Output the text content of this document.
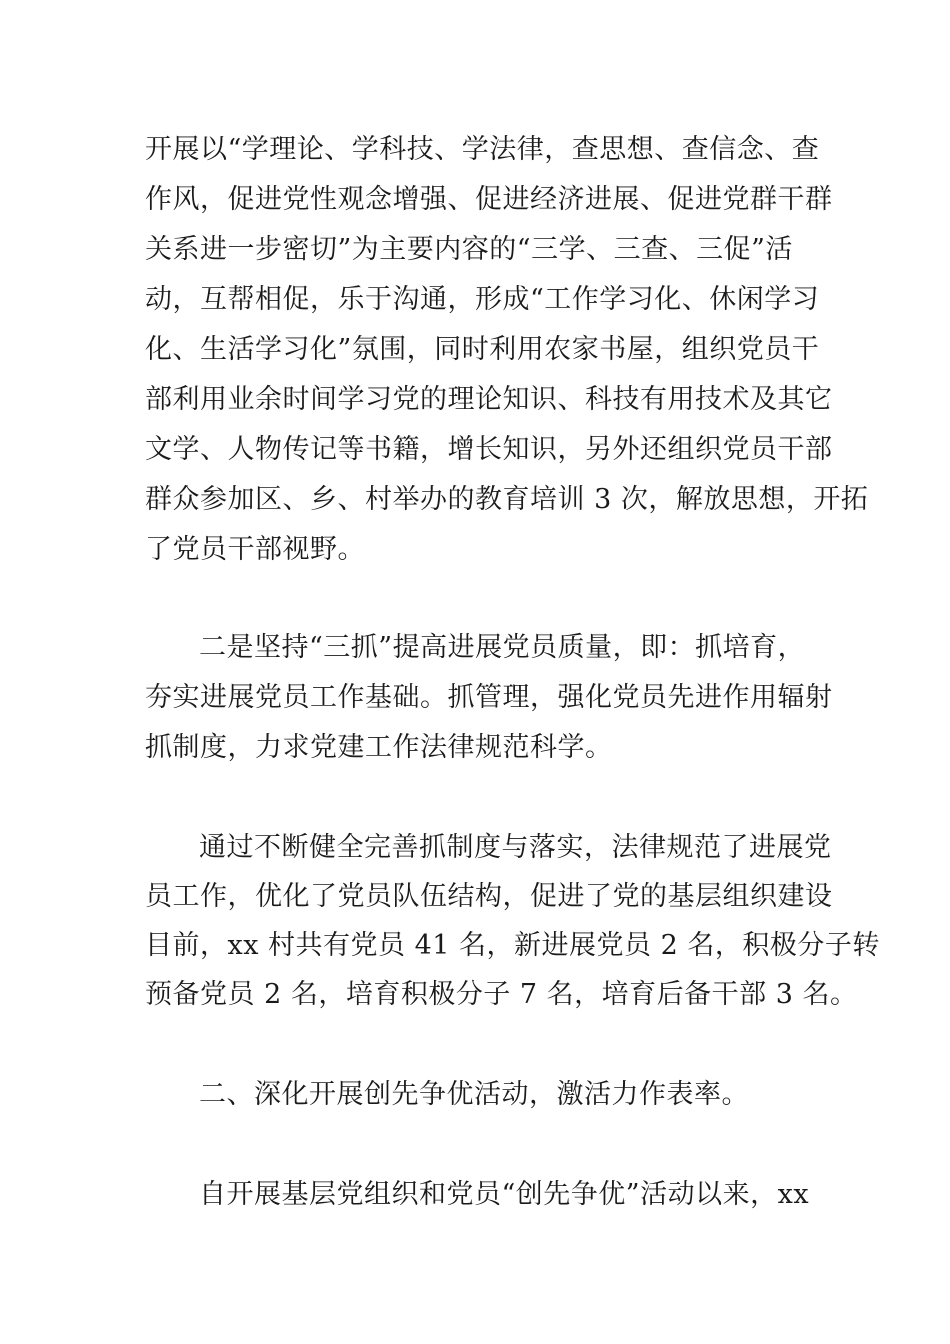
开展以“学理论、学科技、学法律，查思想、查信念、查
作风，促进党性观念增强、促进经济进展、促进党群干群
关系进一步密切”为主要内容的“三学、三查、三促”活
动，互帮相促，乐于沟通，形成“工作学习化、休闲学习
化、生活学习化”氛围，同时利用农家书屋，组织党员干
部利用业余时间学习党的理论知识、科技有用技术及其它
文学、人物传记等书籍，增长知识，另外还组织党员干部
群众参加区、乡、村举办的教育培训 3 次，解放思想，开拓
了党员干部视野。
二是坚持“三抓”提高进展党员质量，即：抓培育，
夯实进展党员工作基础。抓管理，强化党员先进作用辐射
抓制度，力求党建工作法律规范科学。
通过不断健全完善抓制度与落实，法律规范了进展党
员工作，优化了党员队伍结构，促进了党的基层组织建设
目前，xx 村共有党员 41 名，新进展党员 2 名，积极分子转
预备党员 2 名，培育积极分子 7 名，培育后备干部 3 名。
二、深化开展创先争优活动，激活力作表率。
自开展基层党组织和党员“创先争优”活动以来，xx
